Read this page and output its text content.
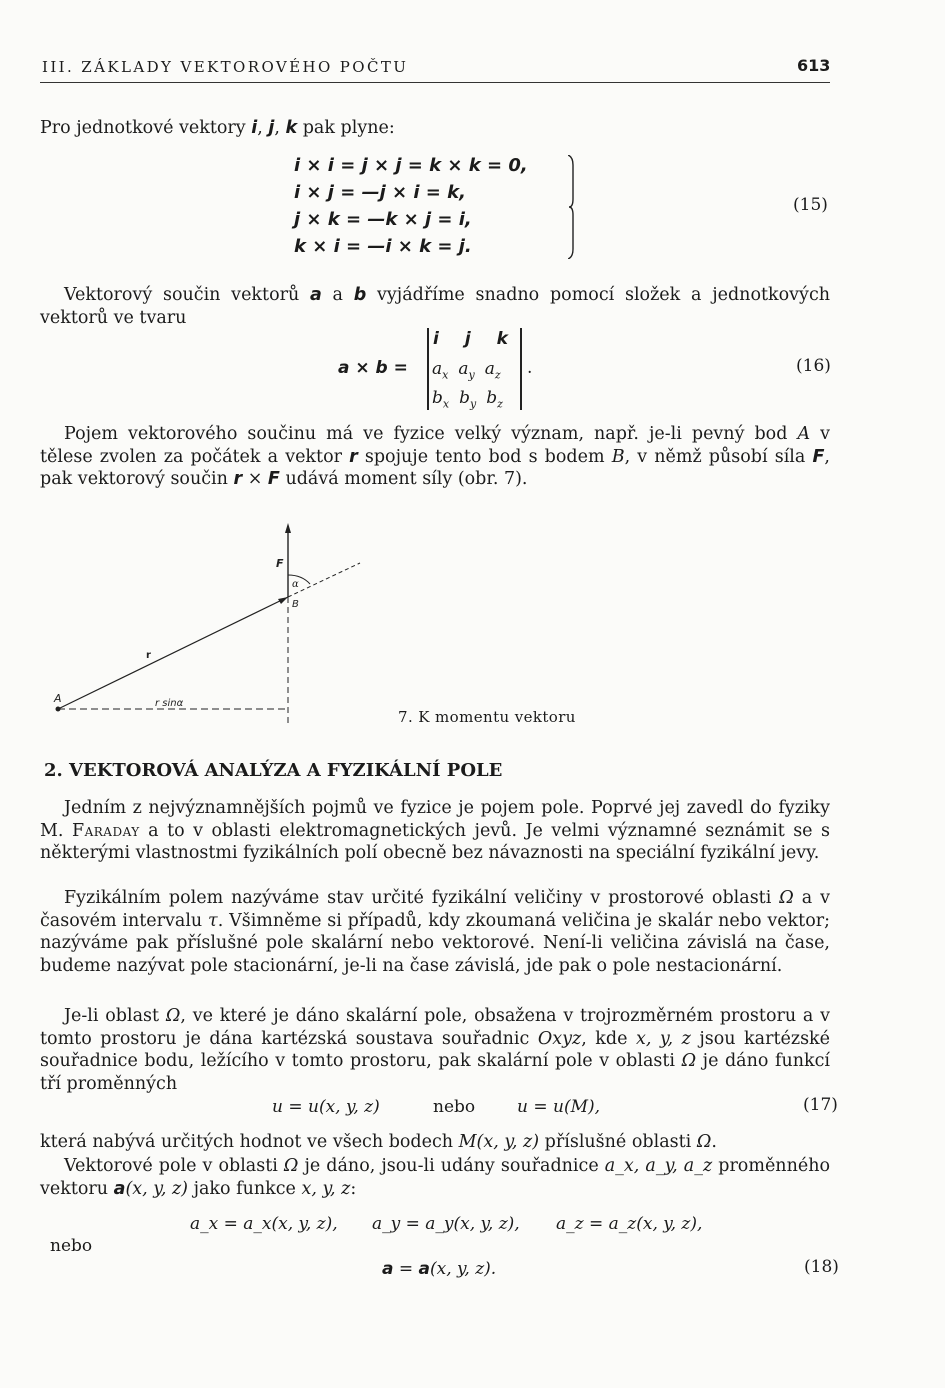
III. ZÁKLADY VEKTOROVÉHO POČTU	613
Pro jednotkové vektory i, j, k pak plyne:
i × i = j × j = k × k = 0,
i × j = —j × i = k,
j × k = —k × j = i,
k × i = —i × k = j.
(15)
Vektorový součin vektorů a a b vyjádříme snadno pomocí složek a jednotkových vektorů ve tvaru
a × b =
i j k
$a_x$ $a_y$ $a_z$
$b_x$ $b_y$ $b_z$
.	(16)
Pojem vektorového součinu má ve fyzice velký význam, např. je-li pevný bod A v tělese zvolen za počátek a vektor r spojuje tento bod s bodem B, v němž působí síla F, pak vektorový součin r × F udává moment síly (obr. 7).
F
α
B
r
A	r sinα
7. K momentu vektoru
2. VEKTOROVÁ ANALÝZA A FYZIKÁLNÍ POLE
Jedním z nejvýznamnějších pojmů ve fyzice je pojem pole. Poprvé jej zavedl do fyziky M. Faraday a to v oblasti elektromagnetických jevů. Je velmi významné seznámit se s některými vlastnostmi fyzikálních polí obecně bez návaznosti na speciální fyzikální jevy.
Fyzikálním polem nazýváme stav určité fyzikální veličiny v prostorové oblasti Ω a v časovém intervalu τ. Všimněme si případů, kdy zkoumaná veličina je skalár nebo vektor; nazýváme pak příslušné pole skalární nebo vektorové. Není-li veličina závislá na čase, budeme nazývat pole stacionární, je-li na čase závislá, jde pak o pole nestacionární.
Je-li oblast Ω, ve které je dáno skalární pole, obsažena v trojrozměrném prostoru a v tomto prostoru je dána kartézská soustava souřadnic Oxyz, kde x, y, z jsou kartézské souřadnice bodu, ležícího v tomto prostoru, pak skalární pole v oblasti Ω je dáno funkcí tří proměnných
u = u(x, y, z)	nebo u = u(M),	(17)
která nabývá určitých hodnot ve všech bodech M(x, y, z) příslušné oblasti Ω.
Vektorové pole v oblasti Ω je dáno, jsou-li udány souřadnice a_x, a_y, a_z proměnného vektoru a(x, y, z) jako funkce x, y, z:
a_x = a_x(x, y, z), a_y = a_y(x, y, z), a_z = a_z(x, y, z),
nebo
a = a(x, y, z).	(18)
